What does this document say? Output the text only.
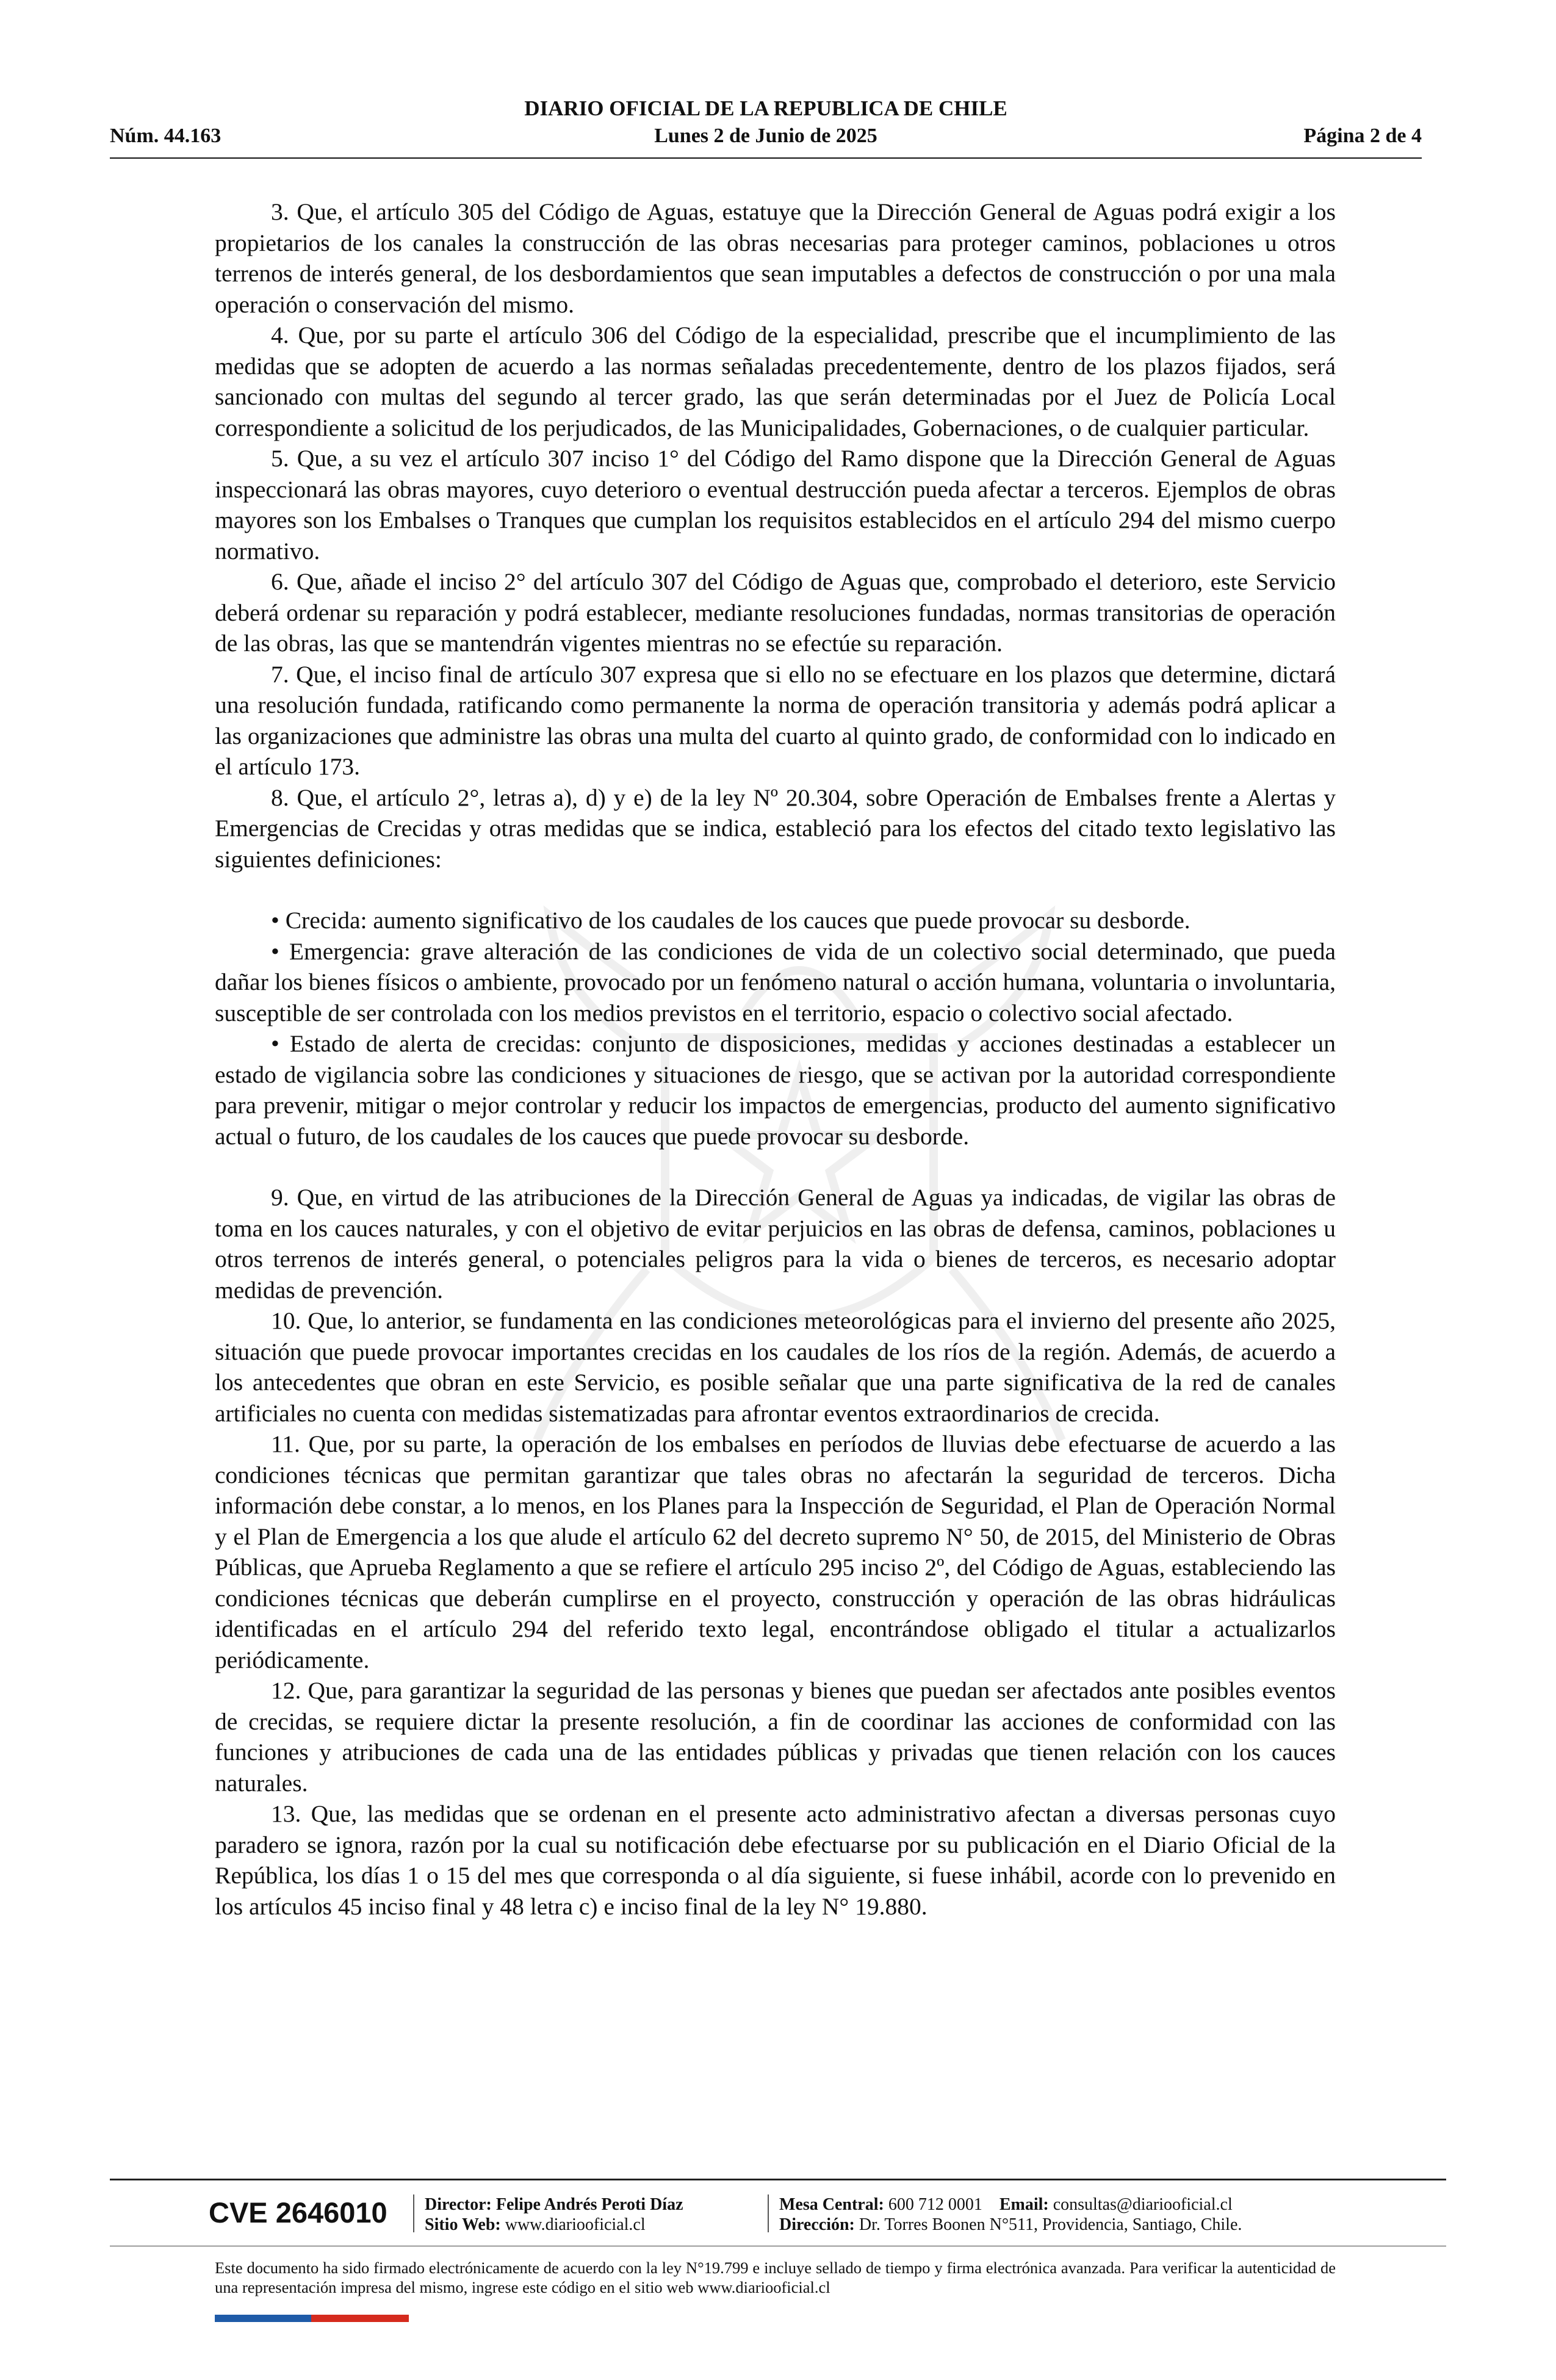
DIARIO OFICIAL DE LA REPUBLICA DE CHILE
Núm. 44.163	Lunes 2 de Junio de 2025	Página 2 de 4

3. Que, el artículo 305 del Código de Aguas, estatuye que la Dirección General de Aguas podrá exigir a los propietarios de los canales la construcción de las obras necesarias para proteger caminos, poblaciones u otros terrenos de interés general, de los desbordamientos que sean imputables a defectos de construcción o por una mala operación o conservación del mismo.

4. Que, por su parte el artículo 306 del Código de la especialidad, prescribe que el incumplimiento de las medidas que se adopten de acuerdo a las normas señaladas precedentemente, dentro de los plazos fijados, será sancionado con multas del segundo al tercer grado, las que serán determinadas por el Juez de Policía Local correspondiente a solicitud de los perjudicados, de las Municipalidades, Gobernaciones, o de cualquier particular.

5. Que, a su vez el artículo 307 inciso 1° del Código del Ramo dispone que la Dirección General de Aguas inspeccionará las obras mayores, cuyo deterioro o eventual destrucción pueda afectar a terceros. Ejemplos de obras mayores son los Embalses o Tranques que cumplan los requisitos establecidos en el artículo 294 del mismo cuerpo normativo.

6. Que, añade el inciso 2° del artículo 307 del Código de Aguas que, comprobado el deterioro, este Servicio deberá ordenar su reparación y podrá establecer, mediante resoluciones fundadas, normas transitorias de operación de las obras, las que se mantendrán vigentes mientras no se efectúe su reparación.

7. Que, el inciso final de artículo 307 expresa que si ello no se efectuare en los plazos que determine, dictará una resolución fundada, ratificando como permanente la norma de operación transitoria y además podrá aplicar a las organizaciones que administre las obras una multa del cuarto al quinto grado, de conformidad con lo indicado en el artículo 173.

8. Que, el artículo 2°, letras a), d) y e) de la ley Nº 20.304, sobre Operación de Embalses frente a Alertas y Emergencias de Crecidas y otras medidas que se indica, estableció para los efectos del citado texto legislativo las siguientes definiciones:

• Crecida: aumento significativo de los caudales de los cauces que puede provocar su desborde.

• Emergencia: grave alteración de las condiciones de vida de un colectivo social determinado, que pueda dañar los bienes físicos o ambiente, provocado por un fenómeno natural o acción humana, voluntaria o involuntaria, susceptible de ser controlada con los medios previstos en el territorio, espacio o colectivo social afectado.

• Estado de alerta de crecidas: conjunto de disposiciones, medidas y acciones destinadas a establecer un estado de vigilancia sobre las condiciones y situaciones de riesgo, que se activan por la autoridad correspondiente para prevenir, mitigar o mejor controlar y reducir los impactos de emergencias, producto del aumento significativo actual o futuro, de los caudales de los cauces que puede provocar su desborde.

9. Que, en virtud de las atribuciones de la Dirección General de Aguas ya indicadas, de vigilar las obras de toma en los cauces naturales, y con el objetivo de evitar perjuicios en las obras de defensa, caminos, poblaciones u otros terrenos de interés general, o potenciales peligros para la vida o bienes de terceros, es necesario adoptar medidas de prevención.

10. Que, lo anterior, se fundamenta en las condiciones meteorológicas para el invierno del presente año 2025, situación que puede provocar importantes crecidas en los caudales de los ríos de la región. Además, de acuerdo a los antecedentes que obran en este Servicio, es posible señalar que una parte significativa de la red de canales artificiales no cuenta con medidas sistematizadas para afrontar eventos extraordinarios de crecida.

11. Que, por su parte, la operación de los embalses en períodos de lluvias debe efectuarse de acuerdo a las condiciones técnicas que permitan garantizar que tales obras no afectarán la seguridad de terceros. Dicha información debe constar, a lo menos, en los Planes para la Inspección de Seguridad, el Plan de Operación Normal y el Plan de Emergencia a los que alude el artículo 62 del decreto supremo N° 50, de 2015, del Ministerio de Obras Públicas, que Aprueba Reglamento a que se refiere el artículo 295 inciso 2º, del Código de Aguas, estableciendo las condiciones técnicas que deberán cumplirse en el proyecto, construcción y operación de las obras hidráulicas identificadas en el artículo 294 del referido texto legal, encontrándose obligado el titular a actualizarlos periódicamente.

12. Que, para garantizar la seguridad de las personas y bienes que puedan ser afectados ante posibles eventos de crecidas, se requiere dictar la presente resolución, a fin de coordinar las acciones de conformidad con las funciones y atribuciones de cada una de las entidades públicas y privadas que tienen relación con los cauces naturales.

13. Que, las medidas que se ordenan en el presente acto administrativo afectan a diversas personas cuyo paradero se ignora, razón por la cual su notificación debe efectuarse por su publicación en el Diario Oficial de la República, los días 1 o 15 del mes que corresponda o al día siguiente, si fuese inhábil, acorde con lo prevenido en los artículos 45 inciso final y 48 letra c) e inciso final de la ley N° 19.880.

CVE 2646010 Director: Felipe Andrés Peroti Díaz
Sitio Web: www.diariooficial.cl
Mesa Central: 600 712 0001 Email: consultas@diariooficial.cl
Dirección: Dr. Torres Boonen N°511, Providencia, Santiago, Chile.
Este documento ha sido firmado electrónicamente de acuerdo con la ley N°19.799 e incluye sellado de tiempo y firma electrónica avanzada. Para verificar la autenticidad de una representación impresa del mismo, ingrese este código en el sitio web www.diariooficial.cl
